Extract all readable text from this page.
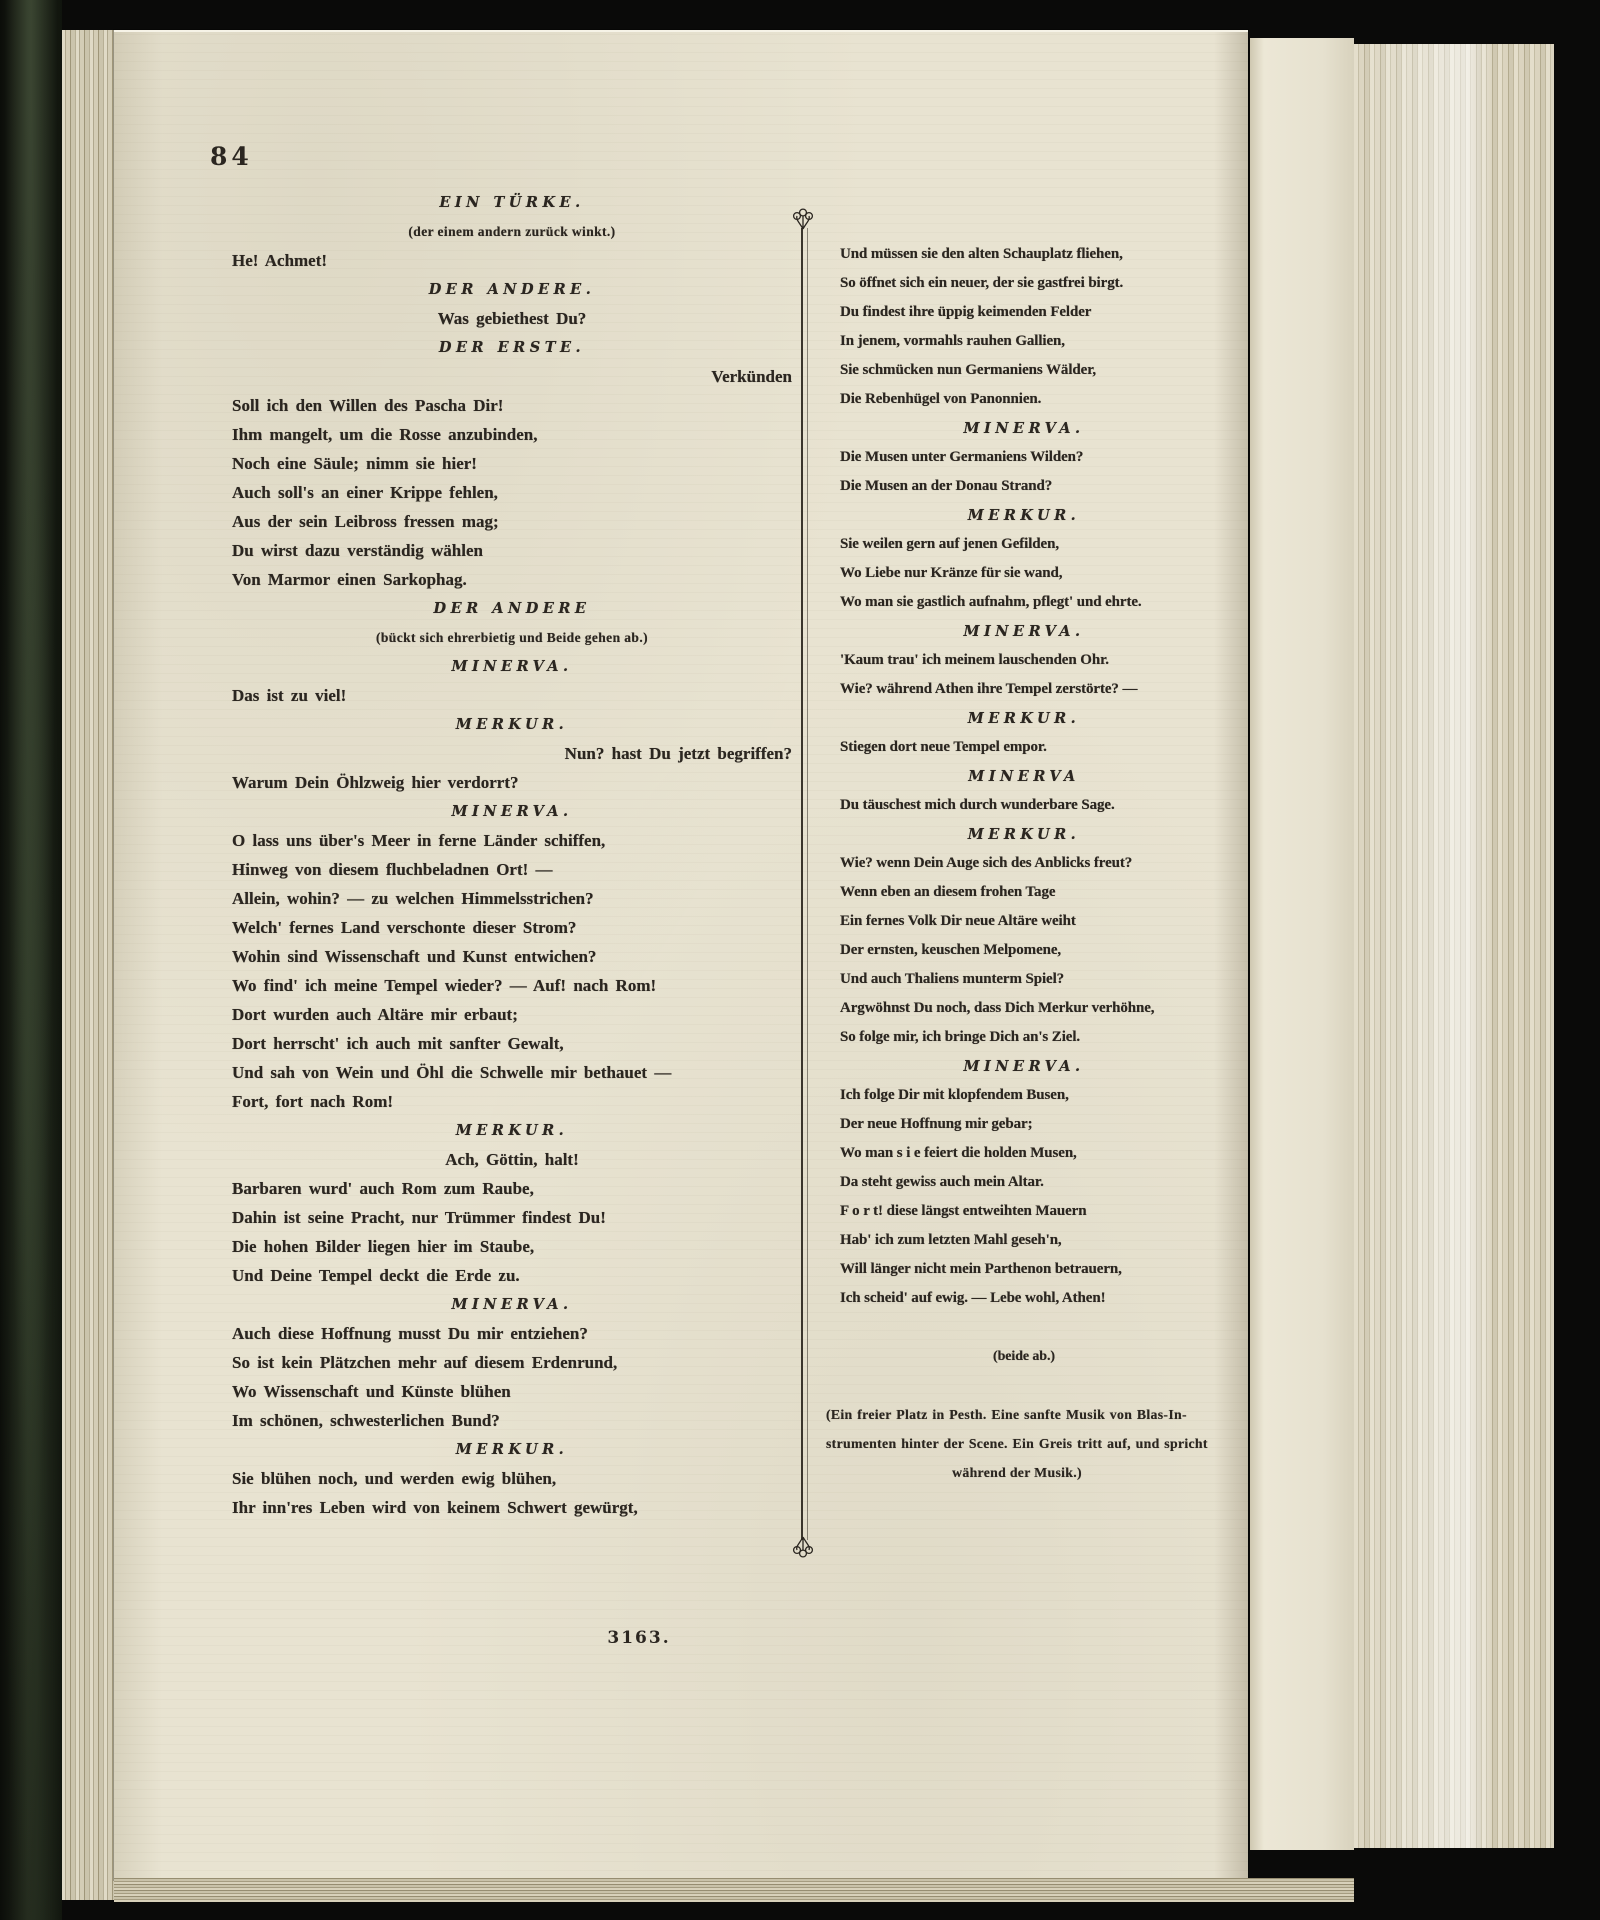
84
EIN TÜRKE.
(der einem andern zurück winkt.)
He! Achmet!
DER ANDERE.
Was gebiethest Du?
DER ERSTE.
Verkünden
Soll ich den Willen des Pascha Dir!
Ihm mangelt, um die Rosse anzubinden,
Noch eine Säule; nimm sie hier!
Auch soll's an einer Krippe fehlen,
Aus der sein Leibross fressen mag;
Du wirst dazu verständig wählen
Von Marmor einen Sarkophag.
DER ANDERE
(bückt sich ehrerbietig und Beide gehen ab.)
MINERVA.
Das ist zu viel!
MERKUR.
Nun? hast Du jetzt begriffen?
Warum Dein Öhlzweig hier verdorrt?
MINERVA.
O lass uns über's Meer in ferne Länder schiffen,
Hinweg von diesem fluchbeladnen Ort! —
Allein, wohin? — zu welchen Himmelsstrichen?
Welch' fernes Land verschonte dieser Strom?
Wohin sind Wissenschaft und Kunst entwichen?
Wo find' ich meine Tempel wieder? — Auf! nach Rom!
Dort wurden auch Altäre mir erbaut;
Dort herrscht' ich auch mit sanfter Gewalt,
Und sah von Wein und Öhl die Schwelle mir bethauet —
Fort, fort nach Rom!
MERKUR.
Ach, Göttin, halt!
Barbaren wurd' auch Rom zum Raube,
Dahin ist seine Pracht, nur Trümmer findest Du!
Die hohen Bilder liegen hier im Staube,
Und Deine Tempel deckt die Erde zu.
MINERVA.
Auch diese Hoffnung musst Du mir entziehen?
So ist kein Plätzchen mehr auf diesem Erdenrund,
Wo Wissenschaft und Künste blühen
Im schönen, schwesterlichen Bund?
MERKUR.
Sie blühen noch, und werden ewig blühen,
Ihr inn'res Leben wird von keinem Schwert gewürgt,
Und müssen sie den alten Schauplatz fliehen,
So öffnet sich ein neuer, der sie gastfrei birgt.
Du findest ihre üppig keimenden Felder
In jenem, vormahls rauhen Gallien,
Sie schmücken nun Germaniens Wälder,
Die Rebenhügel von Panonnien.
MINERVA.
Die Musen unter Germaniens Wilden?
Die Musen an der Donau Strand?
MERKUR.
Sie weilen gern auf jenen Gefilden,
Wo Liebe nur Kränze für sie wand,
Wo man sie gastlich aufnahm, pflegt' und ehrte.
MINERVA.
'Kaum trau' ich meinem lauschenden Ohr.
Wie? während Athen ihre Tempel zerstörte? —
MERKUR.
Stiegen dort neue Tempel empor.
MINERVA
Du täuschest mich durch wunderbare Sage.
MERKUR.
Wie? wenn Dein Auge sich des Anblicks freut?
Wenn eben an diesem frohen Tage
Ein fernes Volk Dir neue Altäre weiht
Der ernsten, keuschen Melpomene,
Und auch Thaliens munterm Spiel?
Argwöhnst Du noch, dass Dich Merkur verhöhne,
So folge mir, ich bringe Dich an's Ziel.
MINERVA.
Ich folge Dir mit klopfendem Busen,
Der neue Hoffnung mir gebar;
Wo man s i e feiert die holden Musen,
Da steht gewiss auch mein Altar.
F o r t! diese längst entweihten Mauern
Hab' ich zum letzten Mahl geseh'n,
Will länger nicht mein Parthenon betrauern,
Ich scheid' auf ewig. — Lebe wohl, Athen!
(beide ab.)
(Ein freier Platz in Pesth. Eine sanfte Musik von Blas-In-
strumenten hinter der Scene. Ein Greis tritt auf, und spricht
während der Musik.)
3163.
